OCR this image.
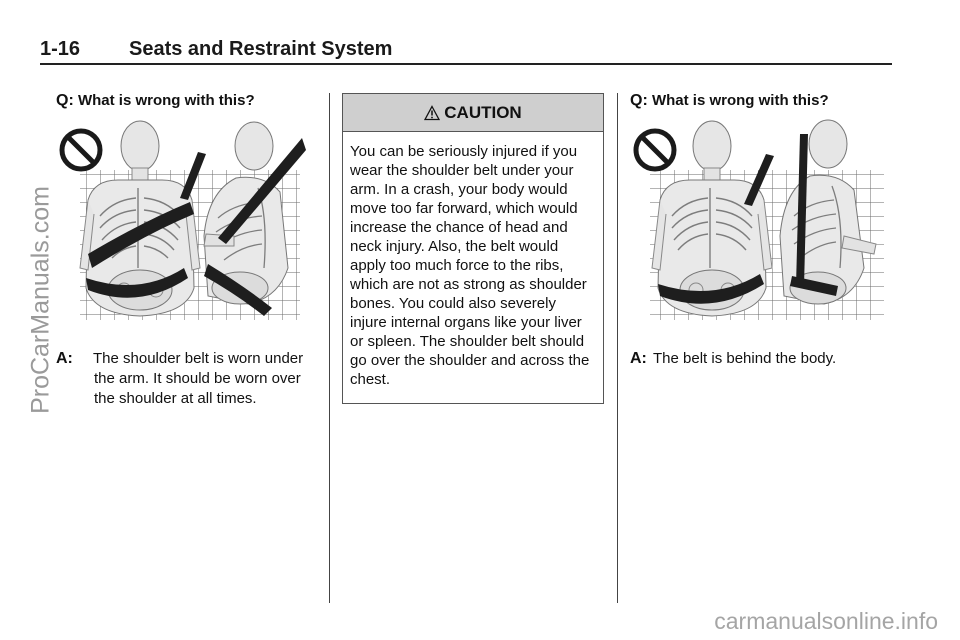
1-16 Seats and Restraint System
Q: What is wrong with this?
A:	The shoulder belt is worn under the arm. It should be worn over the shoulder at all times.
CAUTION
You can be seriously injured if you wear the shoulder belt under your arm. In a crash, your body would move too far forward, which would increase the chance of head and neck injury. Also, the belt would apply too much force to the ribs, which are not as strong as shoulder bones. You could also severely injure internal organs like your liver or spleen. The shoulder belt should go over the shoulder and across the chest.
Q: What is wrong with this?
A: The belt is behind the body.
ProCarManuals.com
carmanualsonline.info
